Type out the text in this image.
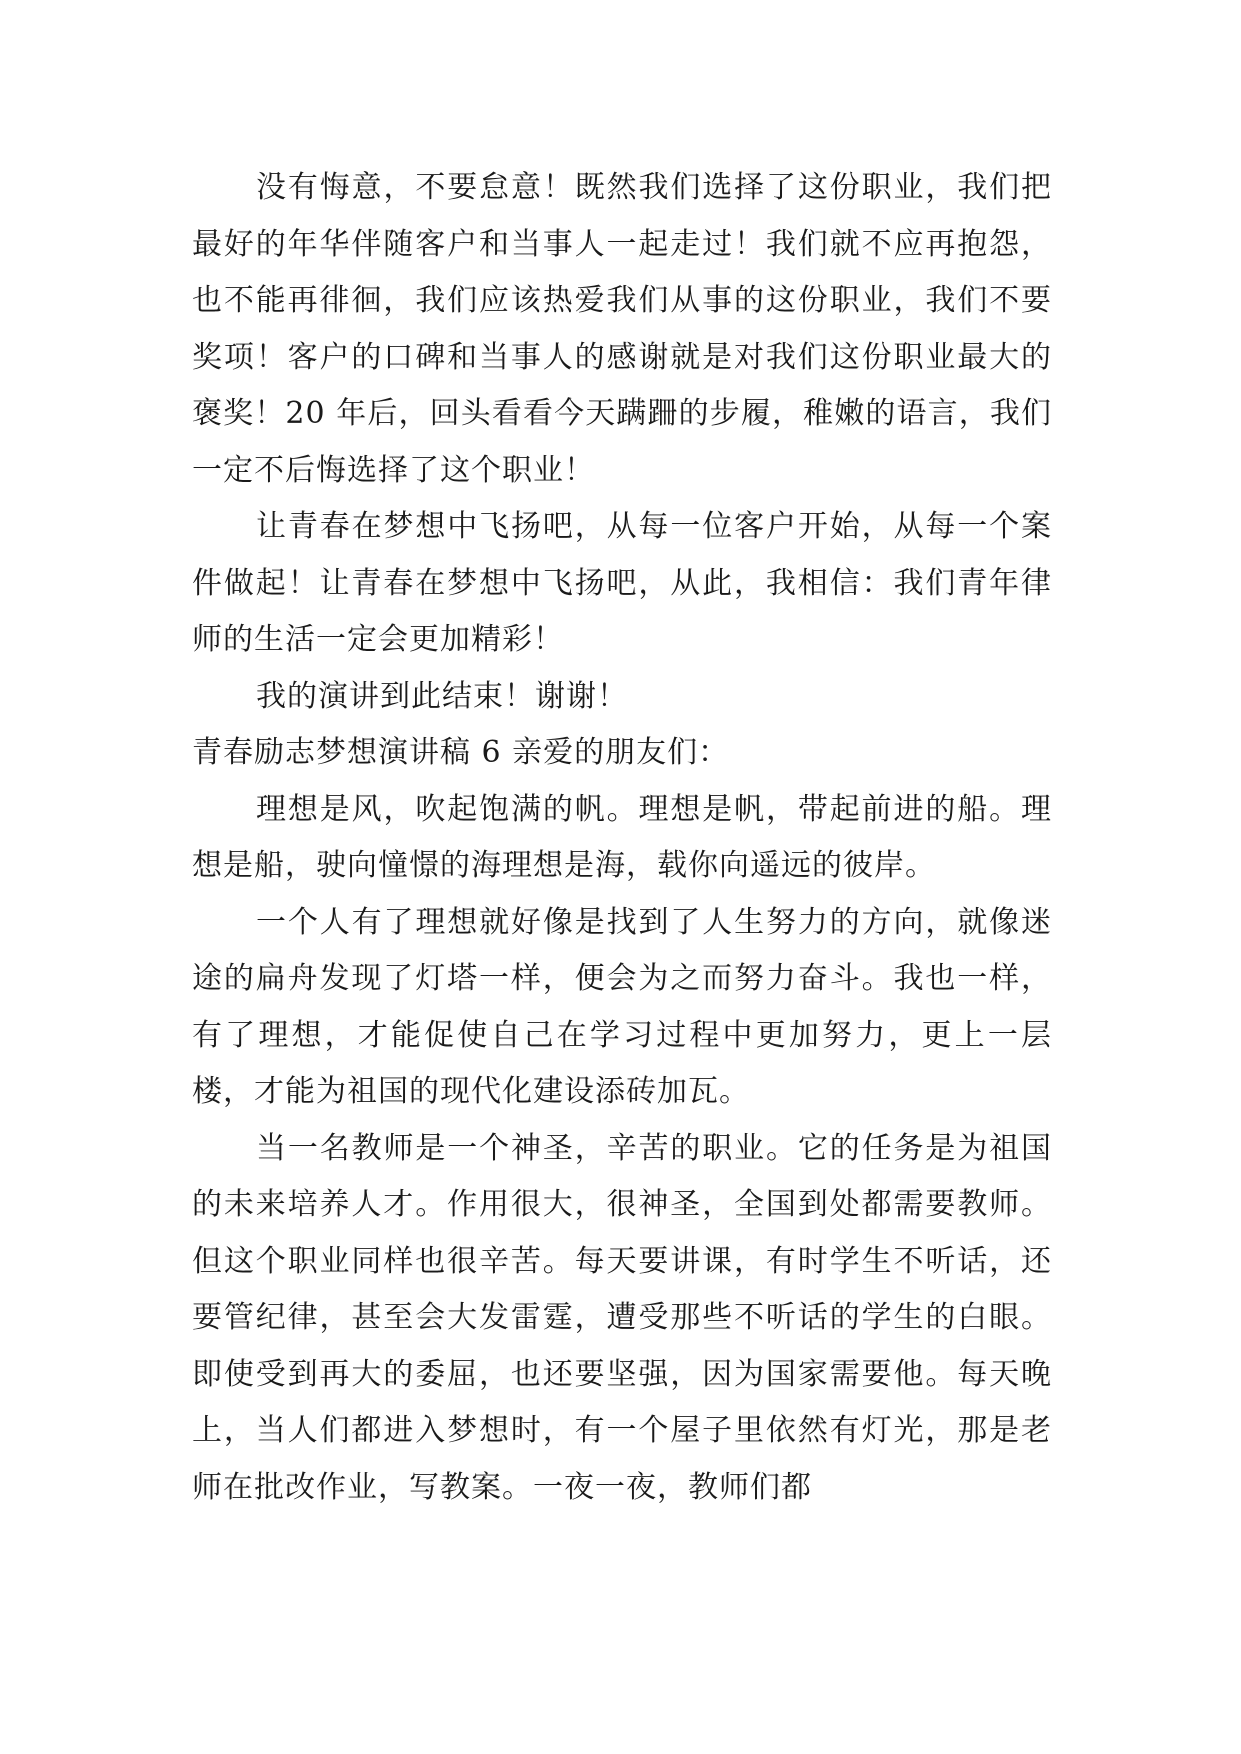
没有悔意，不要怠意！既然我们选择了这份职业，我们把最好的年华伴随客户和当事人一起走过！我们就不应再抱怨，也不能再徘徊，我们应该热爱我们从事的这份职业，我们不要奖项！客户的口碑和当事人的感谢就是对我们这份职业最大的褒奖！20 年后，回头看看今天蹒跚的步履，稚嫩的语言，我们一定不后悔选择了这个职业！

让青春在梦想中飞扬吧，从每一位客户开始，从每一个案件做起！让青春在梦想中飞扬吧，从此，我相信：我们青年律师的生活一定会更加精彩！

我的演讲到此结束！谢谢！

青春励志梦想演讲稿 6 亲爱的朋友们：

理想是风，吹起饱满的帆。理想是帆，带起前进的船。理想是船，驶向憧憬的海理想是海，载你向遥远的彼岸。

一个人有了理想就好像是找到了人生努力的方向，就像迷途的扁舟发现了灯塔一样，便会为之而努力奋斗。我也一样，有了理想，才能促使自己在学习过程中更加努力，更上一层楼，才能为祖国的现代化建设添砖加瓦。

当一名教师是一个神圣，辛苦的职业。它的任务是为祖国的未来培养人才。作用很大，很神圣，全国到处都需要教师。但这个职业同样也很辛苦。每天要讲课，有时学生不听话，还要管纪律，甚至会大发雷霆，遭受那些不听话的学生的白眼。即使受到再大的委屈，也还要坚强，因为国家需要他。每天晚上，当人们都进入梦想时，有一个屋子里依然有灯光，那是老师在批改作业，写教案。一夜一夜，教师们都
